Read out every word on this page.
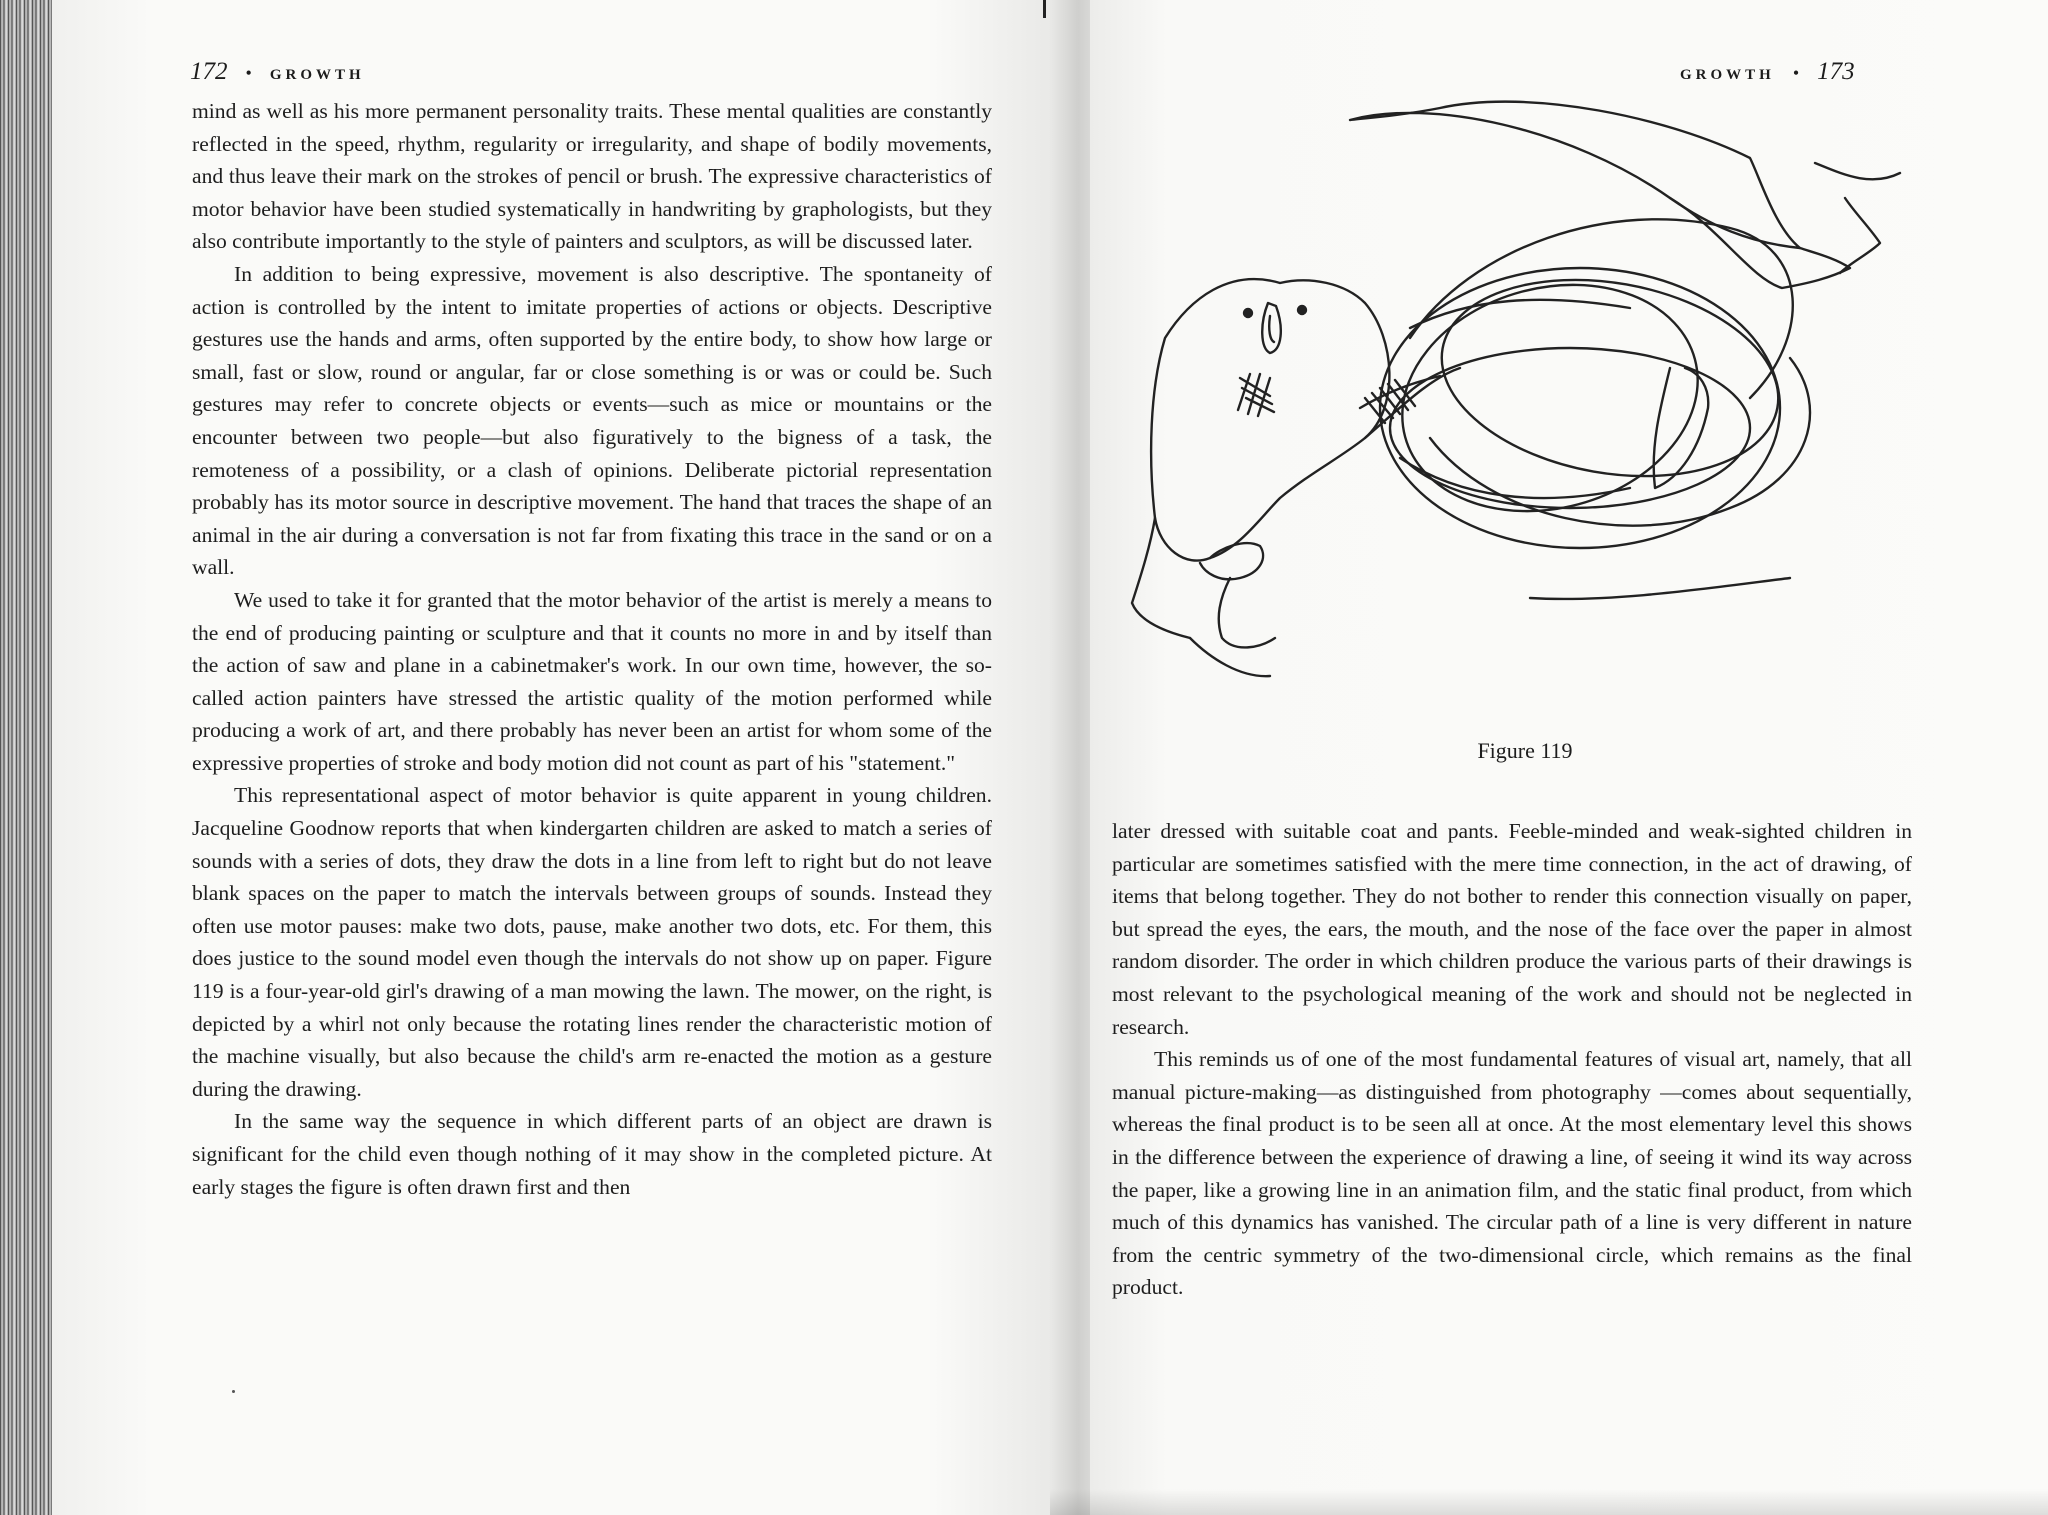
172 • GROWTH	GROWTH • 173

mind as well as his more permanent personality traits. These mental qualities are constantly reflected in the speed, rhythm, regularity or irregularity, and shape of bodily movements, and thus leave their mark on the strokes of pencil or brush. The expressive characteristics of motor behavior have been studied systematically in handwriting by graphologists, but they also contribute importantly to the style of painters and sculptors, as will be discussed later.

In addition to being expressive, movement is also descriptive. The spontaneity of action is controlled by the intent to imitate properties of actions or objects. Descriptive gestures use the hands and arms, often supported by the entire body, to show how large or small, fast or slow, round or angular, far or close something is or was or could be. Such gestures may refer to concrete objects or events—such as mice or mountains or the encounter between two people—but also figuratively to the bigness of a task, the remoteness of a possibility, or a clash of opinions. Deliberate pictorial representation probably has its motor source in descriptive movement. The hand that traces the shape of an animal in the air during a conversation is not far from fixating this trace in the sand or on a wall.

We used to take it for granted that the motor behavior of the artist is merely a means to the end of producing painting or sculpture and that it counts no more in and by itself than the action of saw and plane in a cabinetmaker's work. In our own time, however, the so-called action painters have stressed the artistic quality of the motion performed while producing a work of art, and there probably has never been an artist for whom some of the expressive properties of stroke and body motion did not count as part of his "statement."

This representational aspect of motor behavior is quite apparent in young children. Jacqueline Goodnow reports that when kindergarten children are asked to match a series of sounds with a series of dots, they draw the dots in a line from left to right but do not leave blank spaces on the paper to match the intervals between groups of sounds. Instead they often use motor pauses: make two dots, pause, make another two dots, etc. For them, this does justice to the sound model even though the intervals do not show up on paper. Figure 119 is a four-year-old girl's drawing of a man mowing the lawn. The mower, on the right, is depicted by a whirl not only because the rotating lines render the characteristic motion of the machine visually, but also because the child's arm re-enacted the motion as a gesture during the drawing.

In the same way the sequence in which different parts of an object are drawn is significant for the child even though nothing of it may show in the completed picture. At early stages the figure is often drawn first and then

Figure 119

later dressed with suitable coat and pants. Feeble-minded and weak-sighted children in particular are sometimes satisfied with the mere time connection, in the act of drawing, of items that belong together. They do not bother to render this connection visually on paper, but spread the eyes, the ears, the mouth, and the nose of the face over the paper in almost random disorder. The order in which children produce the various parts of their drawings is most relevant to the psychological meaning of the work and should not be neglected in research.

This reminds us of one of the most fundamental features of visual art, namely, that all manual picture-making—as distinguished from photography —comes about sequentially, whereas the final product is to be seen all at once. At the most elementary level this shows in the difference between the experience of drawing a line, of seeing it wind its way across the paper, like a growing line in an animation film, and the static final product, from which much of this dynamics has vanished. The circular path of a line is very different in nature from the centric symmetry of the two-dimensional circle, which remains as the final product.
